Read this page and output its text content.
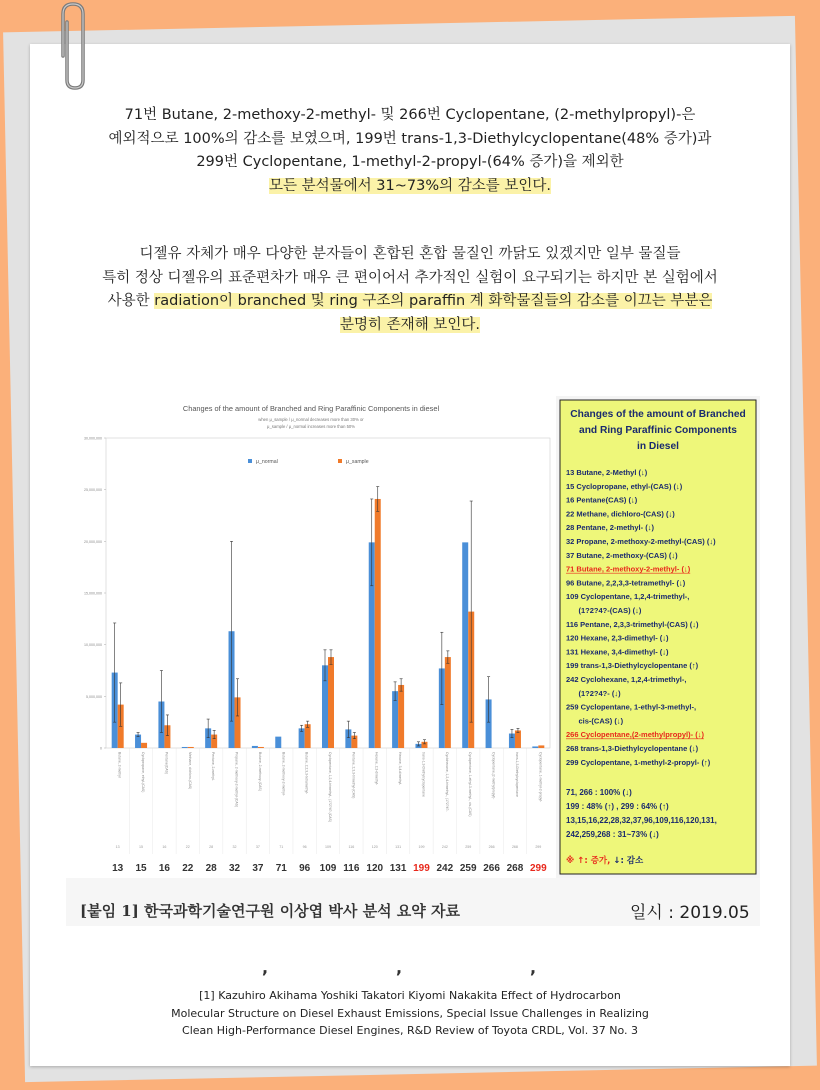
71번 Butane, 2-methoxy-2-methyl- 및 266번 Cyclopentane, (2-methylpropyl)-은
예외적으로 100%의 감소를 보였으며, 199번 trans-1,3-Diethylcyclopentane(48% 증가)과
299번 Cyclopentane, 1-methyl-2-propyl-(64% 증가)을 제외한
모든 분석물에서 31~73%의 감소를 보인다.
디젤유 자체가 매우 다양한 분자들이 혼합된 혼합 물질인 까닭도 있겠지만 일부 물질들
특히 정상 디젤유의 표준편차가 매우 큰 편이어서 추가적인 실험이 요구되기는 하지만 본 실험에서
사용한 radiation이 branched 및 ring 구조의 paraffin 계 화학물질들의 감소를 이끄는 부분은
분명히 존재해 보인다.
Changes of the amount of Branched and Ring Paraffinic Components in diesel
when μ_sample / μ_normal decreases more than 30% or
μ_sample / μ_normal increases more than 50%
30,000,000
25,000,000
20,000,000
15,000,000
10,000,000
5,000,000
0
μ_normal	μ_sample
Butane, 2-methyl
13
13
Cyclopropane, ethyl-(CAS)
15
15
Pentane(CAS)
16
16
Methane, dichloro-(CAS)
22
22
Pentane, 2-methyl-
28
28
Propane, 2-methoxy-2-methyl-(CAS)
32
32
Butane, 2-methoxy-(CAS)
37
37
Butane, 2-methoxy-2-methyl-
71
71
Butane, 2,2,3,3-tetramethyl-
96
96
Cyclopentane, 1,2,4-trimethyl-, (1?2?4?-(CAS)
109
109
Pentane, 2,3,3-trimethyl-(CAS)
116
116
Hexane, 2,3-dimethyl-
120
120
Hexane, 3,4-dimethyl-
131
131
trans-1,3-Diethylcyclopentane
199
199
Cyclohexane, 1,2,4-trimethyl-, (1?2?4?-
242
242
Cyclopentane, 1-ethyl-3-methyl-, cis-(CAS)
259
259
Cyclopentane,(2-methylpropyl)-
266
266
trans-1,3-Diethylcyclopentane
268
268
Cyclopentane, 1-methyl-2-propyl-
299
299
Changes of the amount of Branched
and Ring Paraffinic Components
in Diesel
13 Butane, 2-Methyl (↓)
15 Cyclopropane, ethyl-(CAS) (↓)
16 Pentane(CAS) (↓)
22 Methane, dichloro-(CAS) (↓)
28 Pentane, 2-methyl- (↓)
32 Propane, 2-methoxy-2-methyl-(CAS) (↓)
37 Butane, 2-methoxy-(CAS) (↓)
71 Butane, 2-methoxy-2-methyl- (↓)
96 Butane, 2,2,3,3-tetramethyl- (↓)
109 Cyclopentane, 1,2,4-trimethyl-,
(1?2?4?-(CAS) (↓)
116 Pentane, 2,3,3-trimethyl-(CAS) (↓)
120 Hexane, 2,3-dimethyl- (↓)
131 Hexane, 3,4-dimethyl- (↓)
199 trans-1,3-Diethylcyclopentane (↑)
242 Cyclohexane, 1,2,4-trimethyl-,
(1?2?4?- (↓)
259 Cyclopentane, 1-ethyl-3-methyl-,
cis-(CAS) (↓)
266 Cyclopentane,(2-methylpropyl)- (↓)
268 trans-1,3-Diethylcyclopentane (↓)
299 Cyclopentane, 1-methyl-2-propyl- (↑)
71, 266 : 100% (↓)
199 : 48% (↑) , 299 : 64% (↑)
13,15,16,22,28,32,37,96,109,116,120,131,
242,259,268 : 31~73% (↓)
※ ↑: 증가, ↓: 감소
[붙임 1] 한국과학기술연구원 이상엽 박사 분석 요약 자료	일시 : 2019.05
,	,	,
[1] Kazuhiro Akihama Yoshiki Takatori Kiyomi Nakakita Effect of Hydrocarbon
Molecular Structure on Diesel Exhaust Emissions, Special Issue Challenges in Realizing
Clean High-Performance Diesel Engines, R&D Review of Toyota CRDL, Vol. 37 No. 3
